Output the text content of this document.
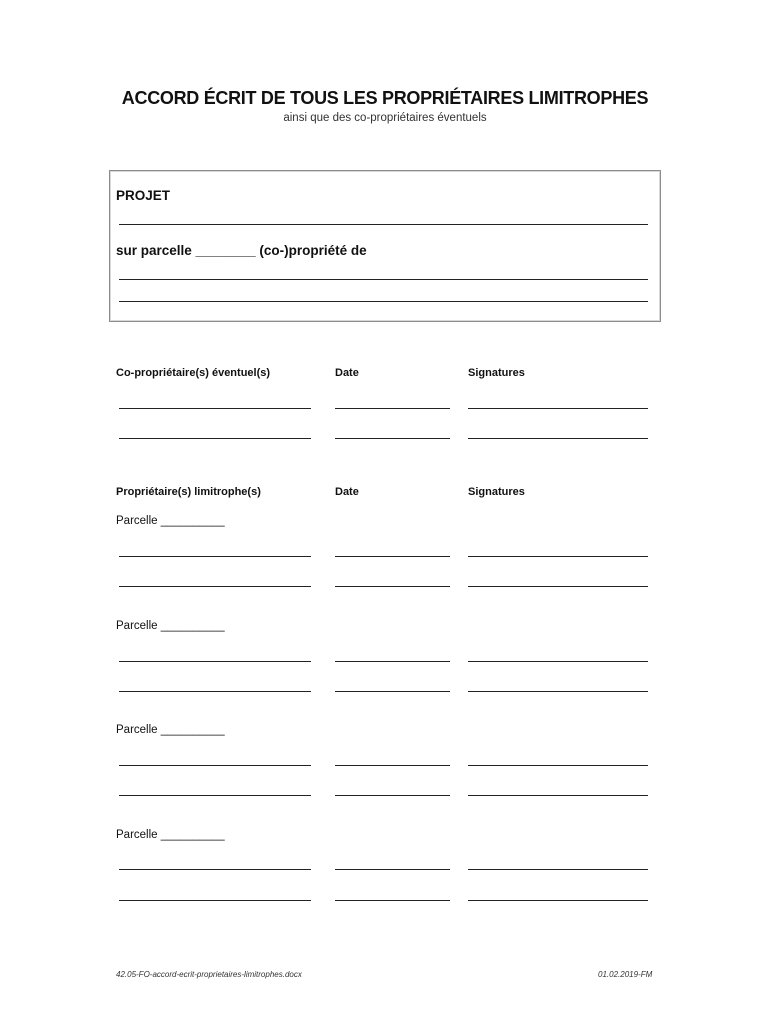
ACCORD ÉCRIT DE TOUS LES PROPRIÉTAIRES LIMITROPHES
ainsi que des co-propriétaires éventuels
PROJET
sur parcelle ________ (co-)propriété de
Co-propriétaire(s) éventuel(s)	Date	Signatures
Propriétaire(s) limitrophe(s)	Date	Signatures
Parcelle __________
Parcelle __________
Parcelle __________
Parcelle __________
42.05-FO-accord-ecrit-proprietaires-limitrophes.docx	01.02.2019-FM
